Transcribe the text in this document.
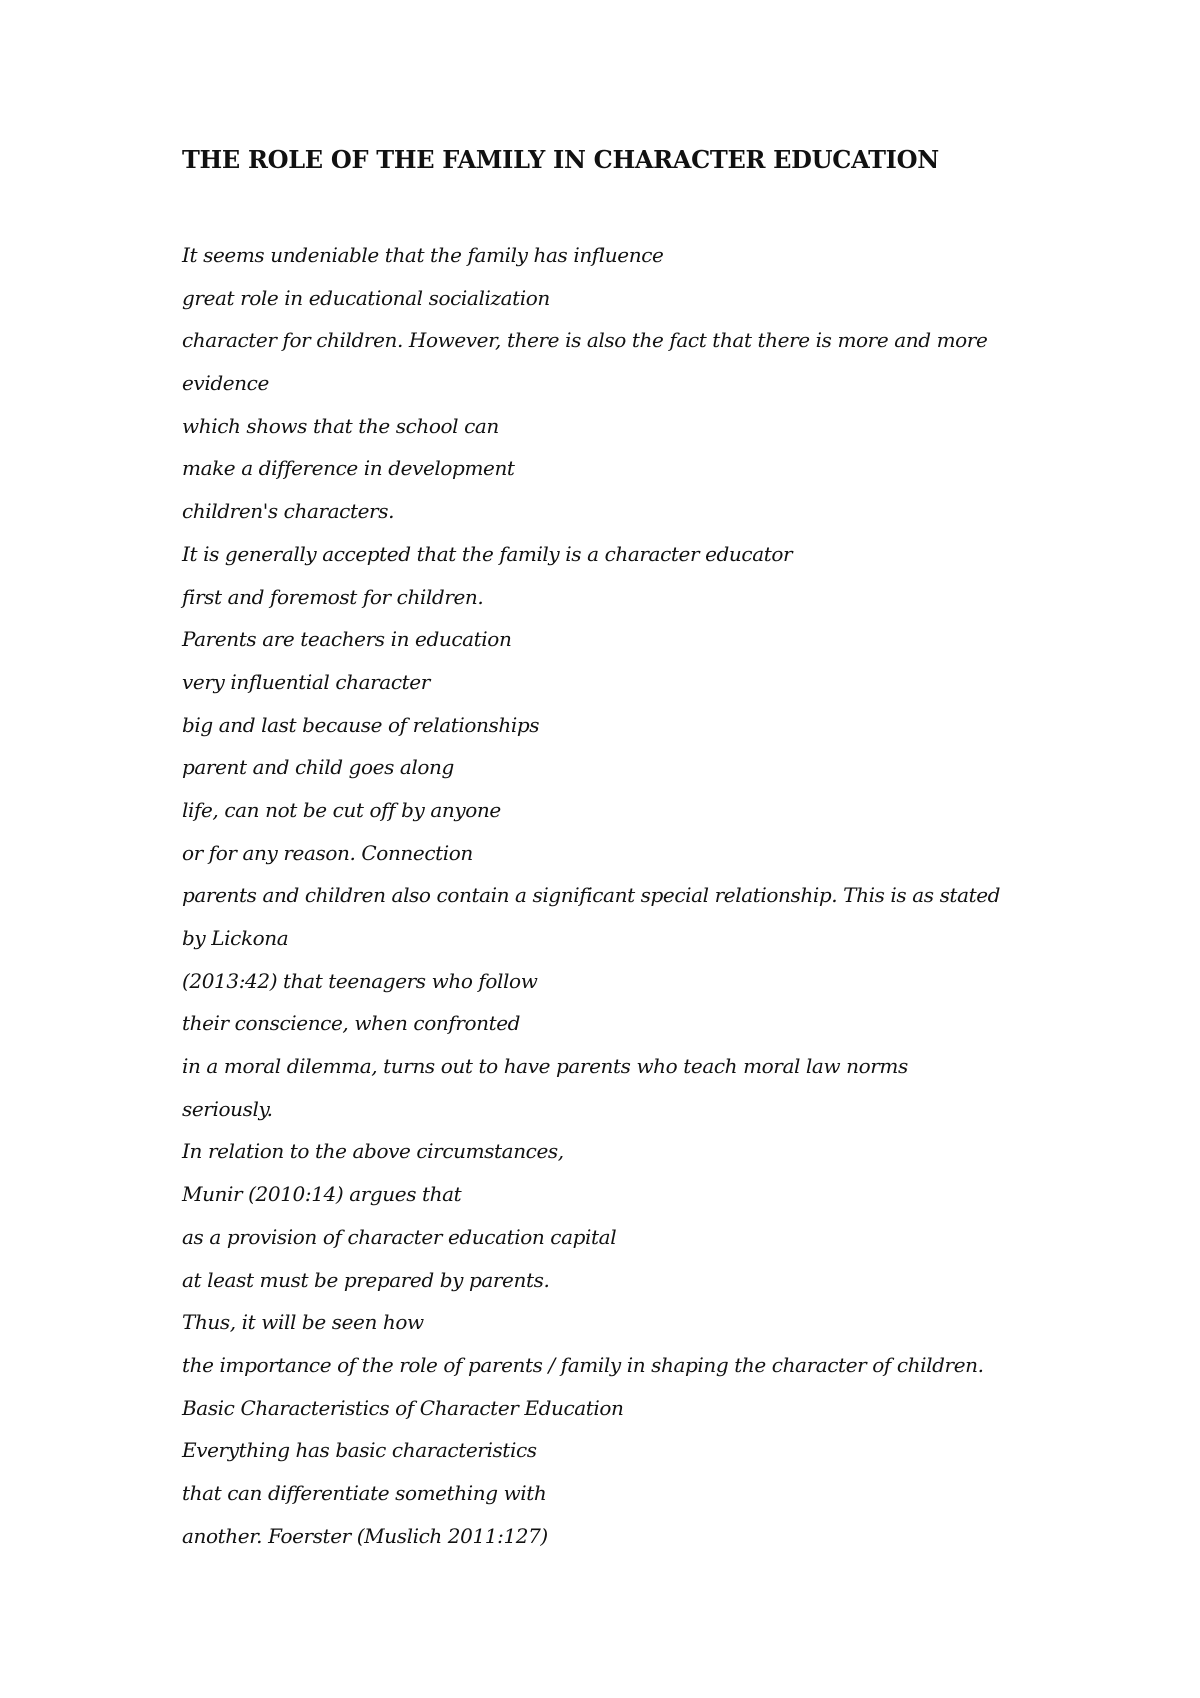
THE ROLE OF THE FAMILY IN CHARACTER EDUCATION
It seems undeniable that the family has influence
great role in educational socialization
character for children. However, there is also the fact that there is more and more
evidence
which shows that the school can
make a difference in development
children's characters.
It is generally accepted that the family is a character educator
first and foremost for children.
Parents are teachers in education
very influential character
big and last because of relationships
parent and child goes along
life, can not be cut off by anyone
or for any reason. Connection
parents and children also contain a significant special relationship. This is as stated
by Lickona
(2013:42) that teenagers who follow
their conscience, when confronted
in a moral dilemma, turns out to have parents who teach moral law norms
seriously.
In relation to the above circumstances,
Munir (2010:14) argues that
as a provision of character education capital
at least must be prepared by parents.
Thus, it will be seen how
the importance of the role of parents / family in shaping the character of children.
Basic Characteristics of Character Education
Everything has basic characteristics
that can differentiate something with
another. Foerster (Muslich 2011:127)
